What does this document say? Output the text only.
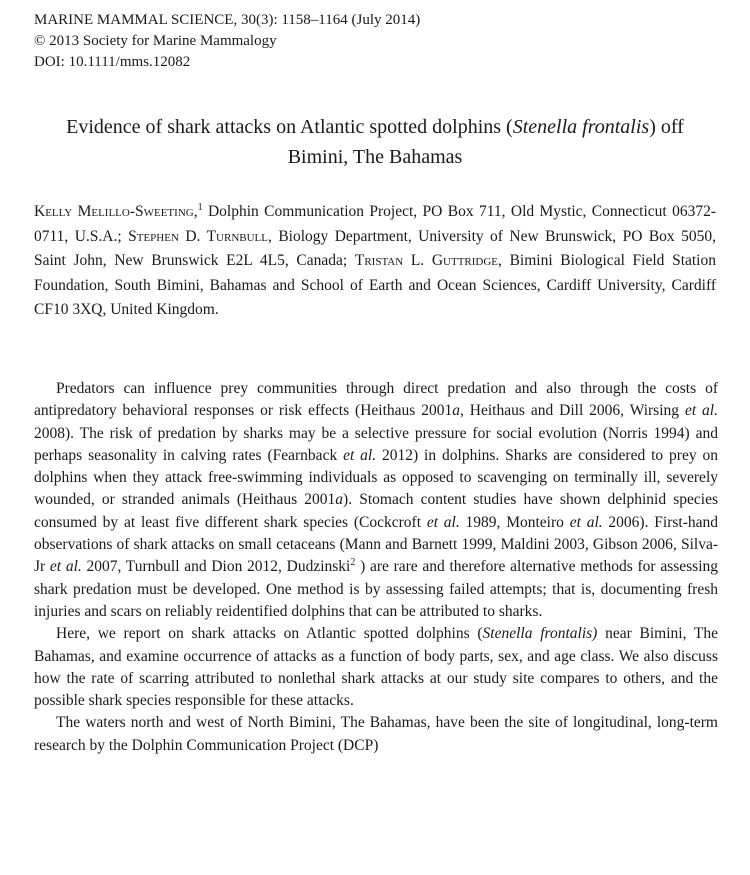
MARINE MAMMAL SCIENCE, 30(3): 1158–1164 (July 2014)
© 2013 Society for Marine Mammalogy
DOI: 10.1111/mms.12082
Evidence of shark attacks on Atlantic spotted dolphins (Stenella frontalis) off Bimini, The Bahamas
Kelly Melillo-Sweeting,$^1$ Dolphin Communication Project, PO Box 711, Old Mystic, Connecticut 06372-0711, U.S.A.; Stephen D. Turnbull, Biology Department, University of New Brunswick, PO Box 5050, Saint John, New Brunswick E2L 4L5, Canada; Tristan L. Guttridge, Bimini Biological Field Station Foundation, South Bimini, Bahamas and School of Earth and Ocean Sciences, Cardiff University, Cardiff CF10 3XQ, United Kingdom.

Predators can influence prey communities through direct predation and also through the costs of antipredatory behavioral responses or risk effects (Heithaus 2001a, Heithaus and Dill 2006, Wirsing et al. 2008). The risk of predation by sharks may be a selective pressure for social evolution (Norris 1994) and perhaps seasonality in calving rates (Fearnback et al. 2012) in dolphins. Sharks are considered to prey on dolphins when they attack free-swimming individuals as opposed to scavenging on terminally ill, severely wounded, or stranded animals (Heithaus 2001a). Stomach content studies have shown delphinid species consumed by at least five different shark species (Cockcroft et al. 1989, Monteiro et al. 2006). First-hand observations of shark attacks on small cetaceans (Mann and Barnett 1999, Maldini 2003, Gibson 2006, Silva-Jr et al. 2007, Turnbull and Dion 2012, Dudzinski$^2$ ) are rare and therefore alternative methods for assessing shark predation must be developed. One method is by assessing failed attempts; that is, documenting fresh injuries and scars on reliably reidentified dolphins that can be attributed to sharks.

Here, we report on shark attacks on Atlantic spotted dolphins (Stenella frontalis) near Bimini, The Bahamas, and examine occurrence of attacks as a function of body parts, sex, and age class. We also discuss how the rate of scarring attributed to nonlethal shark attacks at our study site compares to others, and the possible shark species responsible for these attacks.

The waters north and west of North Bimini, The Bahamas, have been the site of longitudinal, long-term research by the Dolphin Communication Project (DCP)
